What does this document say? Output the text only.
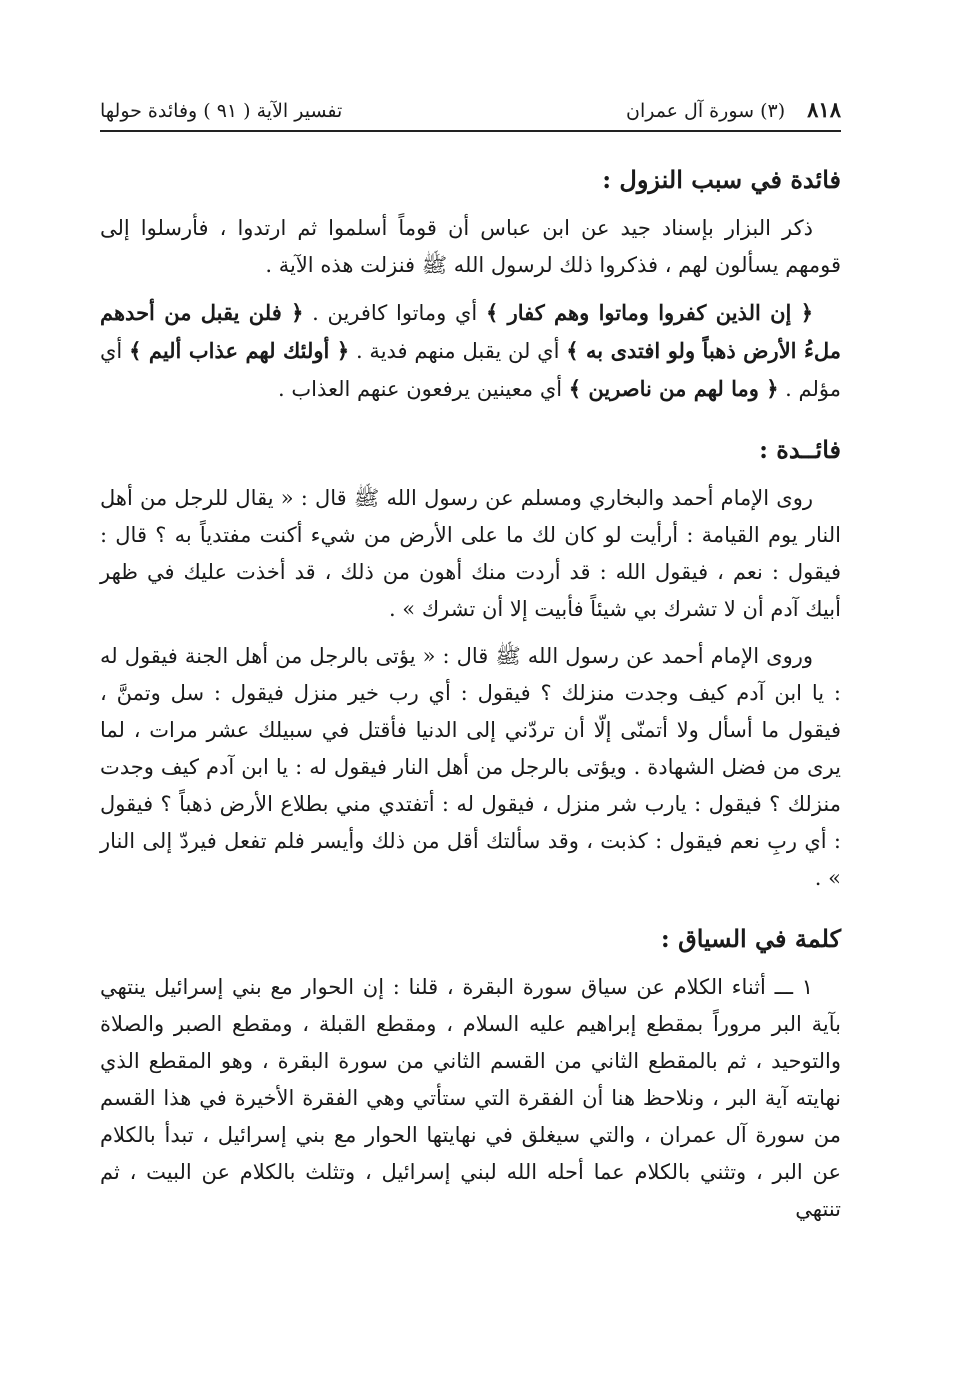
٨١٨
(٣) سورة آل عمران
تفسير الآية ( ٩١ ) وفائدة حولها
فائدة في سبب النزول :

ذكر البزار بإسناد جيد عن ابن عباس أن قوماً أسلموا ثم ارتدوا ، فأرسلوا إلى قومهم يسألون لهم ، فذكروا ذلك لرسول الله ﷺ فنزلت هذه الآية .

﴿ إن الذين كفروا وماتوا وهم كفار ﴾ أي وماتوا كافرين . ﴿ فلن يقبل من أحدهم ملءُ الأرض ذهباً ولو افتدى به ﴾ أي لن يقبل منهم فدية . ﴿ أولئك لهم عذاب أليم ﴾ أي مؤلم . ﴿ وما لهم من ناصرين ﴾ أي معينين يرفعون عنهم العذاب .

فائــدة :

روى الإمام أحمد والبخاري ومسلم عن رسول الله ﷺ قال : « يقال للرجل من أهل النار يوم القيامة : أرأيت لو كان لك ما على الأرض من شيء أكنت مفتدياً به ؟ قال : فيقول : نعم ، فيقول الله : قد أردت منك أهون من ذلك ، قد أخذت عليك في ظهر أبيك آدم أن لا تشرك بي شيئاً فأبيت إلا أن تشرك » .

وروى الإمام أحمد عن رسول الله ﷺ قال : « يؤتى بالرجل من أهل الجنة فيقول له : يا ابن آدم كيف وجدت منزلك ؟ فيقول : أي رب خير منزل فيقول : سل وتمنَّ ، فيقول ما أسأل ولا أتمنّى إلّا أن تردّني إلى الدنيا فأقتل في سبيلك عشر مرات ، لما يرى من فضل الشهادة . ويؤتى بالرجل من أهل النار فيقول له : يا ابن آدم كيف وجدت منزلك ؟ فيقول : يارب شر منزل ، فيقول له : أتفتدي مني بطلاع الأرض ذهباً ؟ فيقول : أي ربِ نعم فيقول : كذبت ، وقد سألتك أقل من ذلك وأيسر فلم تفعل فيردّ إلى النار » .

كلمة في السياق :

١ ـــ أثناء الكلام عن سياق سورة البقرة ، قلنا : إن الحوار مع بني إسرائيل ينتهي بآية البر مروراً بمقطع إبراهيم عليه السلام ، ومقطع القبلة ، ومقطع الصبر والصلاة والتوحيد ، ثم بالمقطع الثاني من القسم الثاني من سورة البقرة ، وهو المقطع الذي نهايته آية البر ، ونلاحظ هنا أن الفقرة التي ستأتي وهي الفقرة الأخيرة في هذا القسم من سورة آل عمران ، والتي سيغلق في نهايتها الحوار مع بني إسرائيل ، تبدأ بالكلام عن البر ، وتثني بالكلام عما أحله الله لبني إسرائيل ، وتثلث بالكلام عن البيت ، ثم تنتهي
